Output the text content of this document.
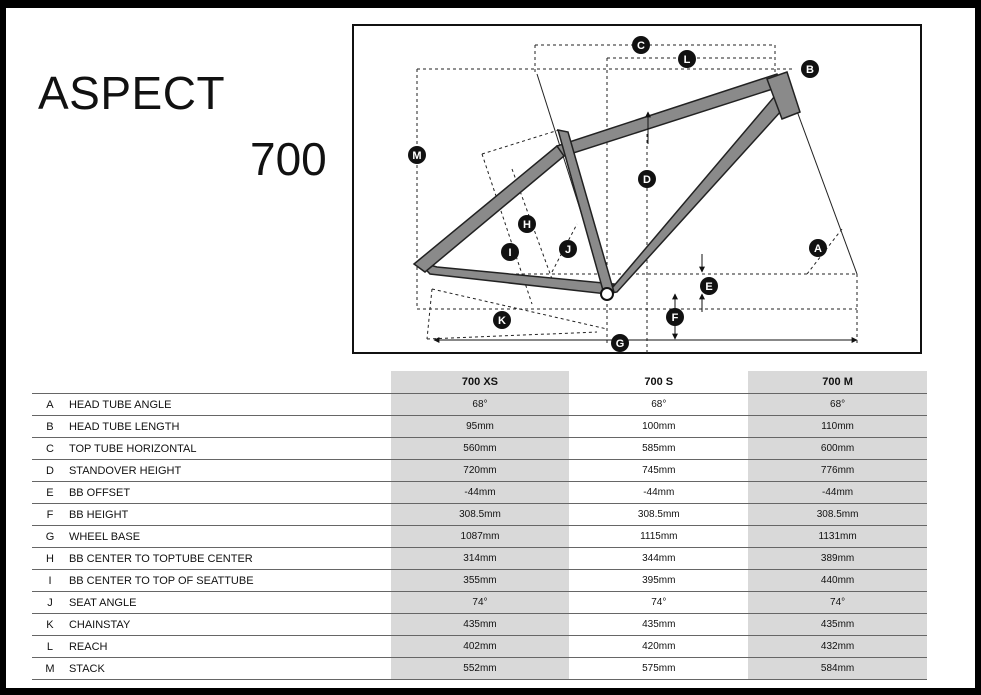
ASPECT
700
C
L
B
M
D
H
I	J	A
E
F
K
G
		700 XS	700 S	700 M
A	HEAD TUBE ANGLE	68°	68°	68°
B	HEAD TUBE LENGTH	95mm	100mm	110mm
C	TOP TUBE HORIZONTAL	560mm	585mm	600mm
D	STANDOVER HEIGHT	720mm	745mm	776mm
E	BB OFFSET	-44mm	-44mm	-44mm
F	BB HEIGHT	308.5mm	308.5mm	308.5mm
G	WHEEL BASE	1087mm	1115mm	1131mm
H	BB CENTER TO TOPTUBE CENTER	314mm	344mm	389mm
I	BB CENTER TO TOP OF SEATTUBE	355mm	395mm	440mm
J	SEAT ANGLE	74°	74°	74°
K	CHAINSTAY	435mm	435mm	435mm
L	REACH	402mm	420mm	432mm
M	STACK	552mm	575mm	584mm
